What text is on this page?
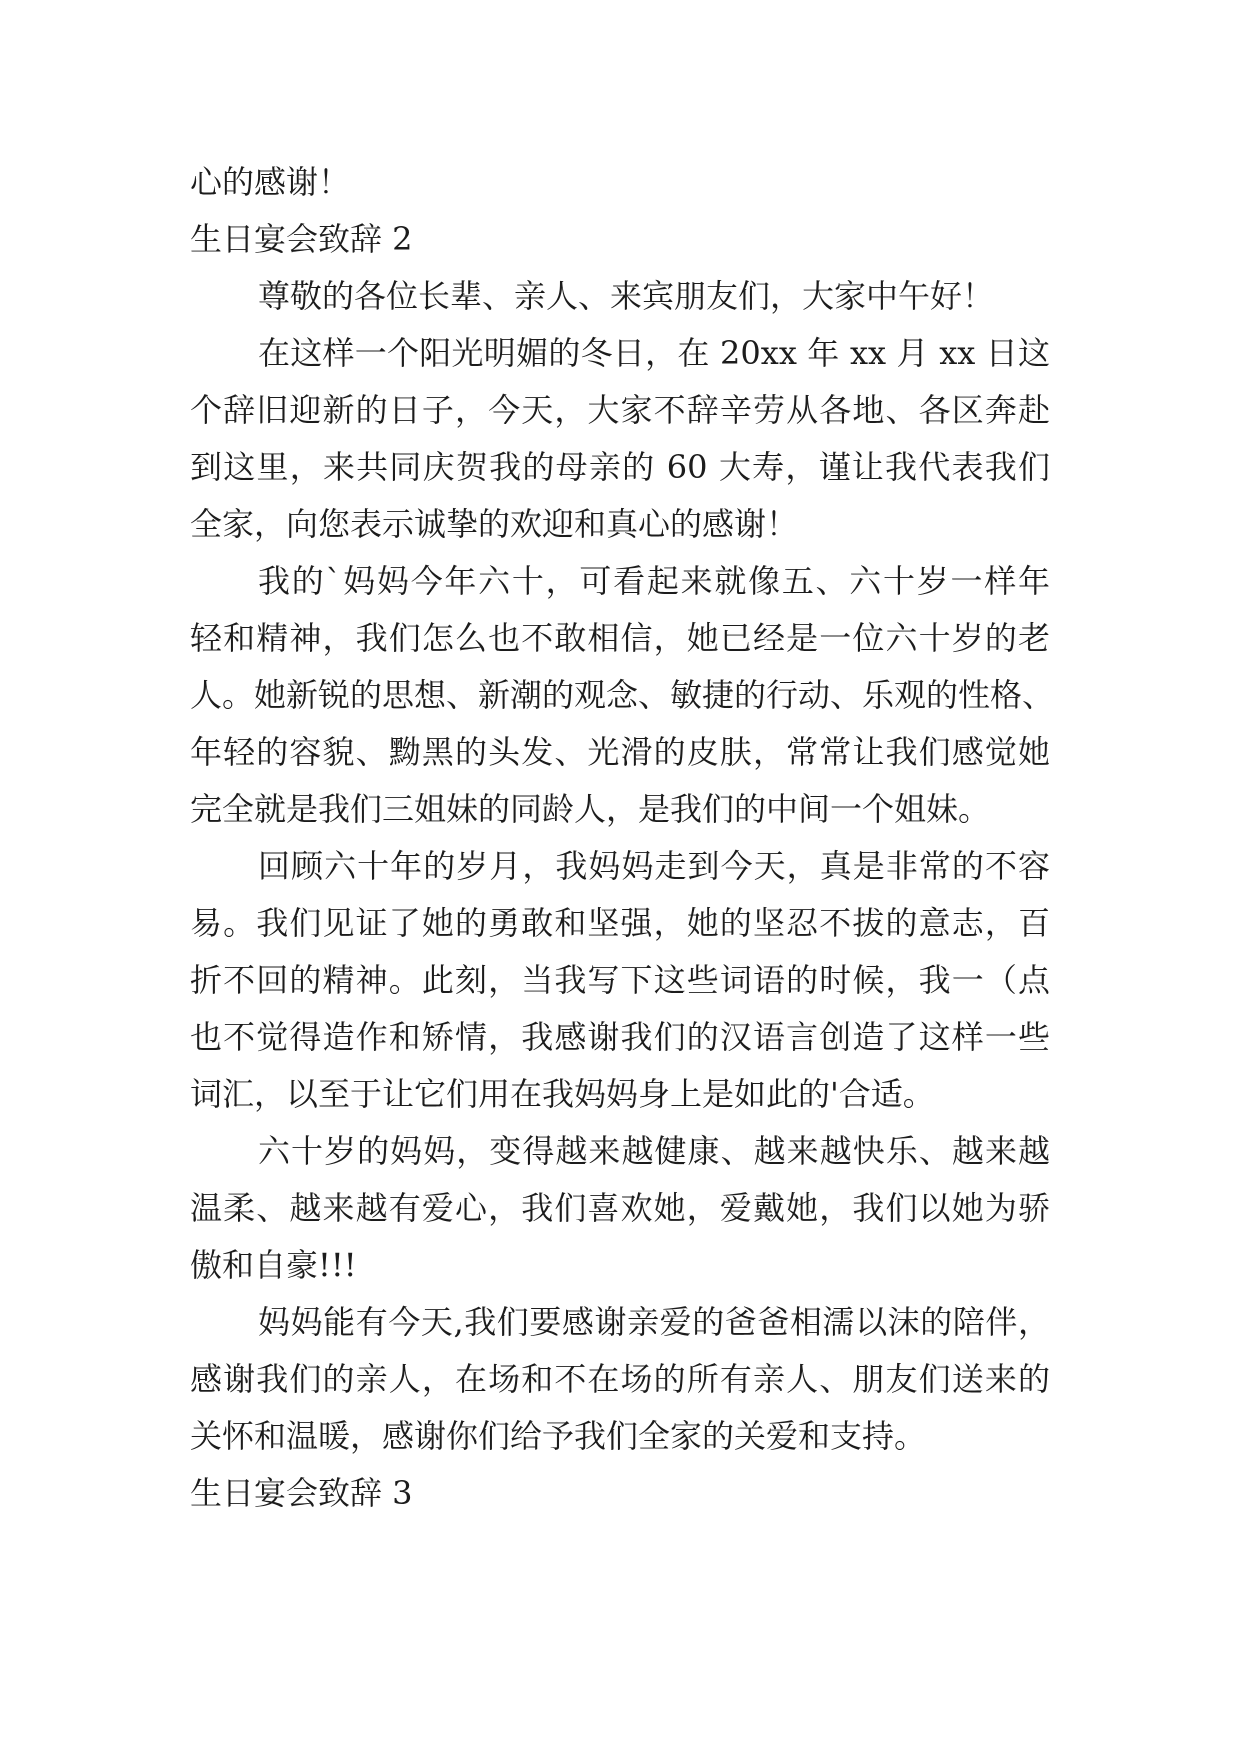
心的感谢！
生日宴会致辞 2
尊敬的各位长辈、亲人、来宾朋友们，大家中午好！
在这样一个阳光明媚的冬日，在 20xx 年 xx 月 xx 日这
个辞旧迎新的日子，今天，大家不辞辛劳从各地、各区奔赴
到这里，来共同庆贺我的母亲的 60 大寿，谨让我代表我们
全家，向您表示诚挚的欢迎和真心的感谢！
我的`妈妈今年六十，可看起来就像五、六十岁一样年
轻和精神，我们怎么也不敢相信，她已经是一位六十岁的老
人。她新锐的思想、新潮的观念、敏捷的行动、乐观的性格、
年轻的容貌、黝黑的头发、光滑的皮肤，常常让我们感觉她
完全就是我们三姐妹的同龄人，是我们的中间一个姐妹。
回顾六十年的岁月，我妈妈走到今天，真是非常的不容
易。我们见证了她的勇敢和坚强，她的坚忍不拔的意志，百
折不回的精神。此刻，当我写下这些词语的时候，我一（点
也不觉得造作和矫情，我感谢我们的汉语言创造了这样一些
词汇，以至于让它们用在我妈妈身上是如此的'合适。
六十岁的妈妈，变得越来越健康、越来越快乐、越来越
温柔、越来越有爱心，我们喜欢她，爱戴她，我们以她为骄
傲和自豪!!!
妈妈能有今天,我们要感谢亲爱的爸爸相濡以沫的陪伴，
感谢我们的亲人，在场和不在场的所有亲人、朋友们送来的
关怀和温暖，感谢你们给予我们全家的关爱和支持。
生日宴会致辞 3
